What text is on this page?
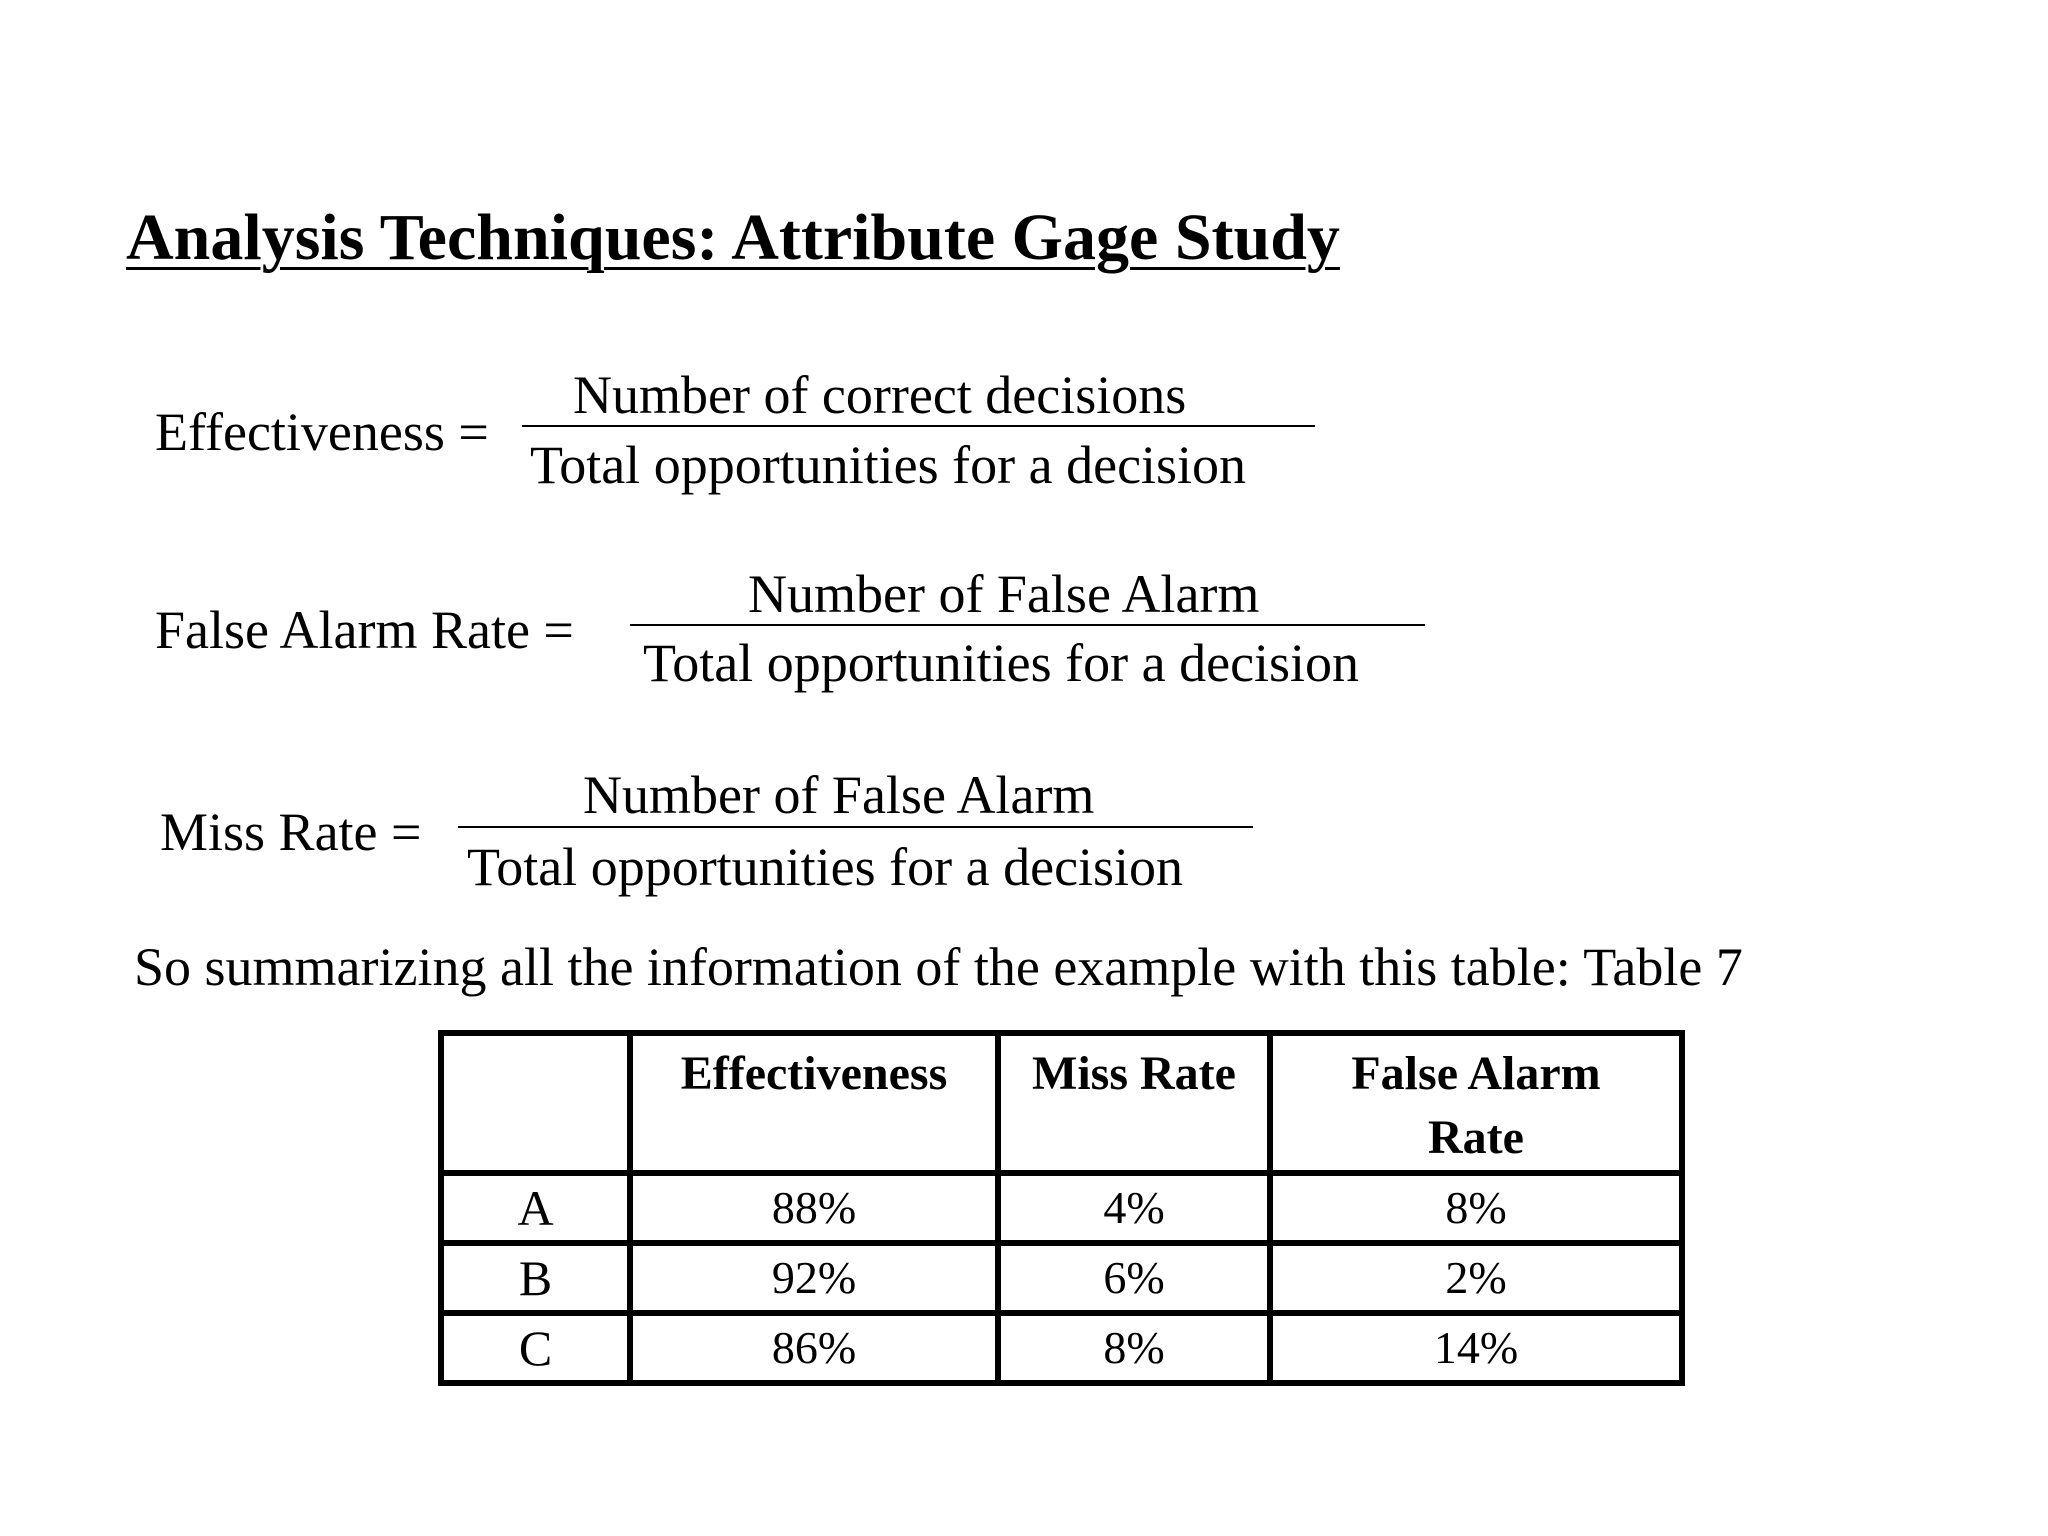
Analysis Techniques: Attribute Gage Study
Effectiveness =
Number of correct decisions
Total opportunities for a decision
False Alarm Rate =
Number of False Alarm
Total opportunities for a decision
Miss Rate =
Number of False Alarm
Total opportunities for a decision
So summarizing all the information of the example with this table: Table 7
	Effectiveness	Miss Rate	False Alarm Rate
A	88%	4%	8%
B	92%	6%	2%
C	86%	8%	14%
